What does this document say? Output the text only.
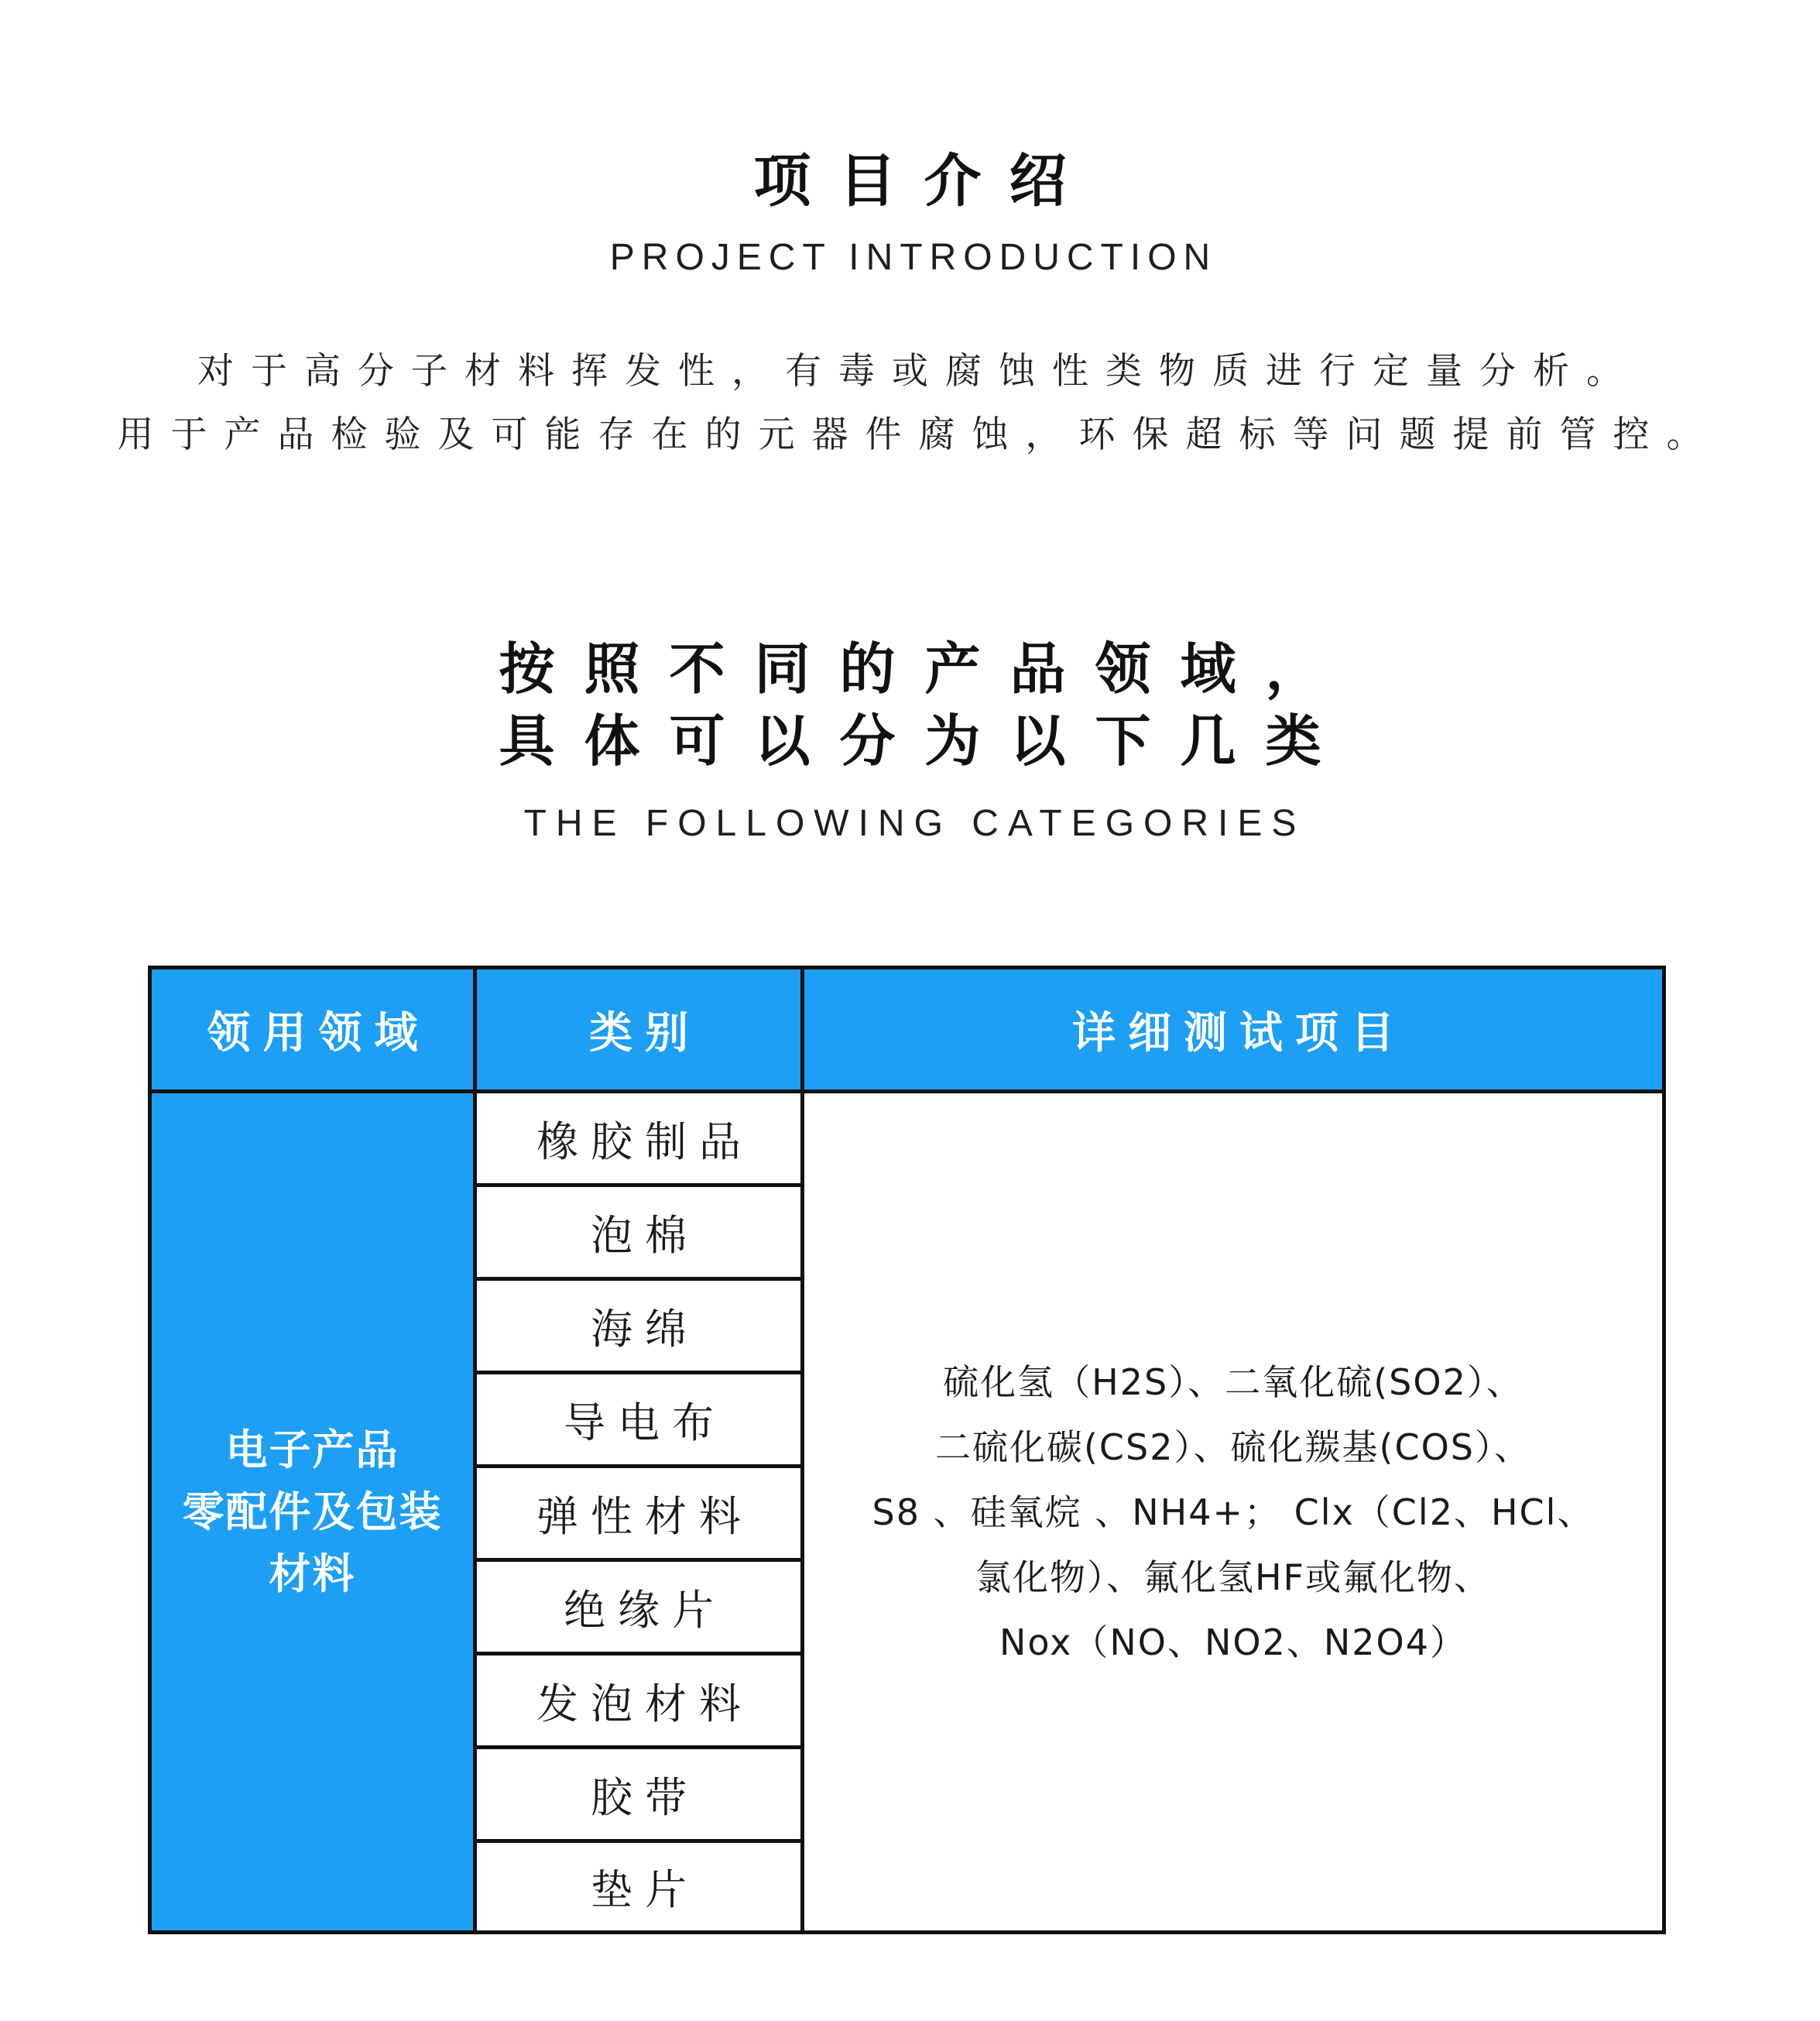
项目介绍
PROJECT INTRODUCTION
对于高分子材料挥发性，有毒或腐蚀性类物质进行定量分析。
用于产品检验及可能存在的元器件腐蚀，环保超标等问题提前管控。
按照不同的产品领域，
具体可以分为以下几类
THE FOLLOWING CATEGORIES
领用领域	类别	详细测试项目
电子产品
零配件及包装
材料
橡胶制品
泡棉
海绵
导电布
弹性材料
绝缘片
发泡材料
胶带
垫片
硫化氢（H2S）、二氧化硫(SO2）、
二硫化碳(CS2）、硫化羰基(COS）、
S8 、硅氧烷 、NH4+； Clx（Cl2、HCl、
氯化物）、氟化氢HF或氟化物、
Nox（NO、NO2、N2O4）
